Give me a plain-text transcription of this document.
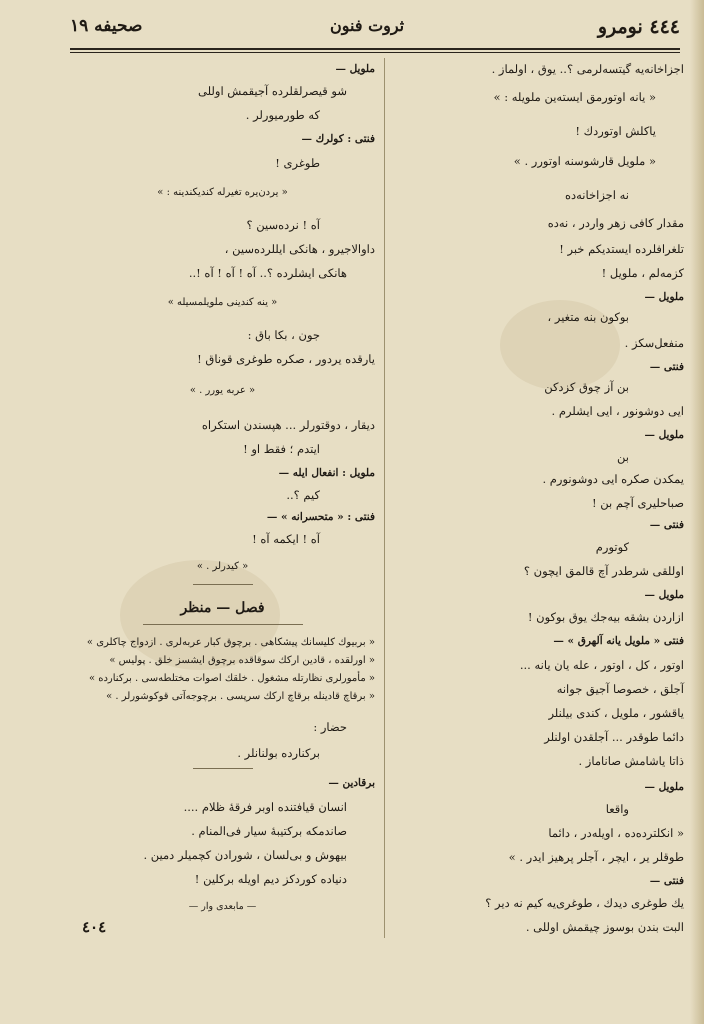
٤٤٤ نومرو
ثروت فنون
صحيفه ١٩
اجزاخانه‌یه گیتسه‌لرمی ؟.. یوق ، اولماز .
« یانه اوتورمق ایسته‌ین ملویله : »
یاکلش اوتوردك !
« ملویل قارشوسنه اوتورر . »
نه اجزاخانه‌ده
مقدار کافی زهر واردر ، نه‌ده
تلغرافلرده ایستدیکم خبر !
کزمه‌لم ، ملویل !
ملویل —
بوکون بنه متغیر ،
منفعل‌سکز .
فنتی —
بن آز چوق کزدکن
ایی دوشونور ، ایی ایشلرم .
ملویل —
بن
یمکدن صکره ایی دوشونورم .
صباحلیری آچم بن !
فنتی —
کوتورم
اوللقی شرطدر آچ قالمق ایچون ؟
ملویل —
ازاردن بشقه بیه‌جك یوق بوکون !
فنتی « ملویل یانه آلهرق » —
اوتور ، کل ، اوتور ، عله یان یانه ...
آجلق ، خصوصا آجیق جوانه
یاقشور ، ملویل ، کندی بیلنلر
دائما طوقدر ... آجلقدن اولنلر
ذاتا یاشامش صاناماز .
ملویل —
واقعا
« انکلترده‌ده ، اویله‌در ، دائما
طوقلر یر ، ایچر ، آجلر پرهیز ایدر . »
فنتی —
یك طوغری دیدك ، طوغری‌یه کیم نه دیر ؟
البت بندن بوسوز چیقمش اوللی .
ملویل —
شو قیصرلقلرده آجیقمش اوللی
که طورمیورلر .
فنتی : کولرك —
طوغری !
« یردن‌یره تغیرله کندیکندینه : »
آه ! نرده‌سین ؟
داوالاجیرو ، هانکی ایللرده‌سین ،
هانکی ایشلرده ؟.. آه ! آه ! آه !..
« ینه کندینی ملویلمسیله »
جون ، بکا باق :
یارقده یردور ، صکره طوغری قوناق !
« عربه یورر . »
دیقار ، دوقتورلر ... هپسندن استکراه
ایتدم ؛ فقط او !
ملویل : انفعال ایله —
کیم ؟..
فنتی : « متحسرانه » —
آه ! ایکمه آه !
« کیدرلر . »
فصل — منظر
« بربیوك کلیسانك پیشکاهی . برچوق کبار عربه‌لری . ازدواج چاکلری »
« اورلقده ، قادین ارکك سوقاقده برچوق ایشسز خلق . پولیس »
« مأمورلری نظارتله مشغول . خلقك اصوات مختلطه‌سی . برکنارده »
« برقاچ قادینله برقاچ ارکك سرپسی . برچوجه‌آتی قوکوشورلر . »
حضار :
برکنارده بولنانلر .
برقادین —
انسان قیافتنده اوبر فرقهٔ ظلام ....
صاندمکه برکتیبهٔ سیار فی‌المنام .
بیهوش و بی‌لسان ، شورادن کچمیلر دمین .
دنیاده کوردکز دیم اویله برکلین !
— مابعدی وار —
٤٠٤
